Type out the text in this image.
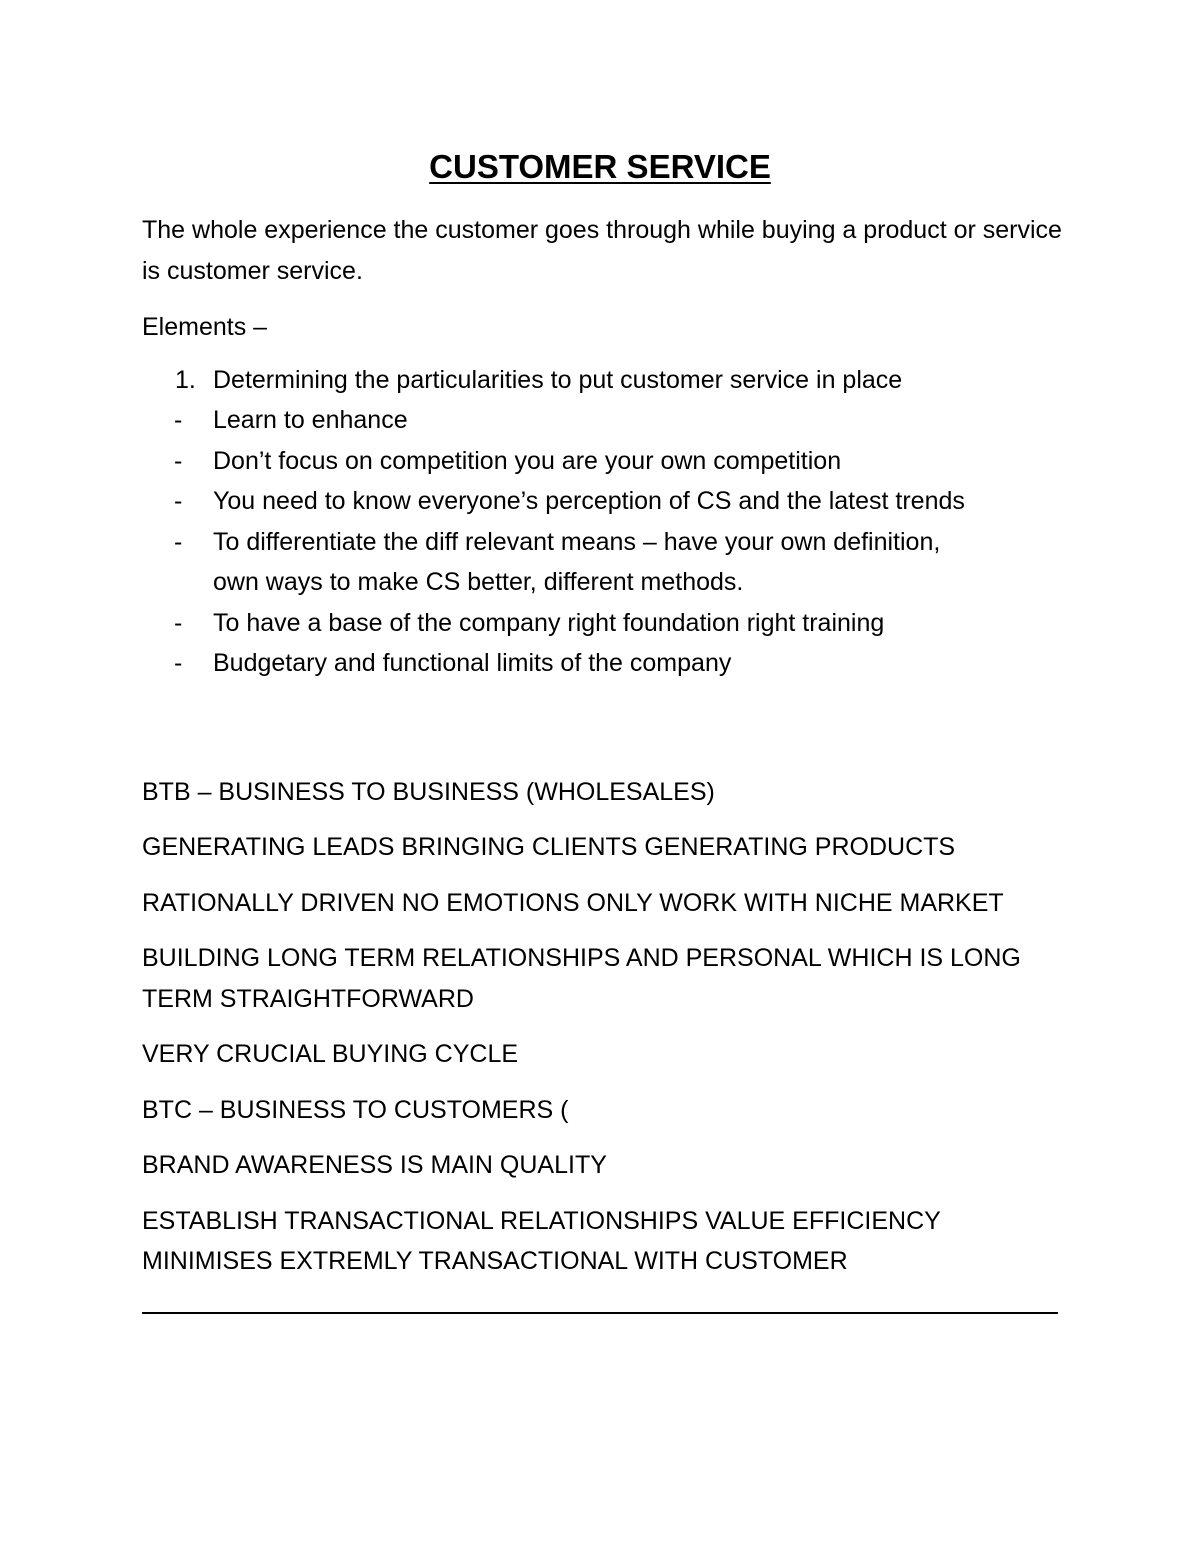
CUSTOMER SERVICE

The whole experience the customer goes through while buying a product or service is customer service.

Elements –

1. Determining the particularities to put customer service in place
- Learn to enhance
- Don’t focus on competition you are your own competition
- You need to know everyone’s perception of CS and the latest trends
- To differentiate the diff relevant means – have your own definition, own ways to make CS better, different methods.
- To have a base of the company right foundation right training
- Budgetary and functional limits of the company

BTB – BUSINESS TO BUSINESS (WHOLESALES)

GENERATING LEADS BRINGING CLIENTS GENERATING PRODUCTS

RATIONALLY DRIVEN NO EMOTIONS ONLY WORK WITH NICHE MARKET

BUILDING LONG TERM RELATIONSHIPS AND PERSONAL WHICH IS LONG TERM STRAIGHTFORWARD

VERY CRUCIAL BUYING CYCLE

BTC – BUSINESS TO CUSTOMERS (

BRAND AWARENESS IS MAIN QUALITY

ESTABLISH TRANSACTIONAL RELATIONSHIPS VALUE EFFICIENCY MINIMISES EXTREMLY TRANSACTIONAL WITH CUSTOMER
